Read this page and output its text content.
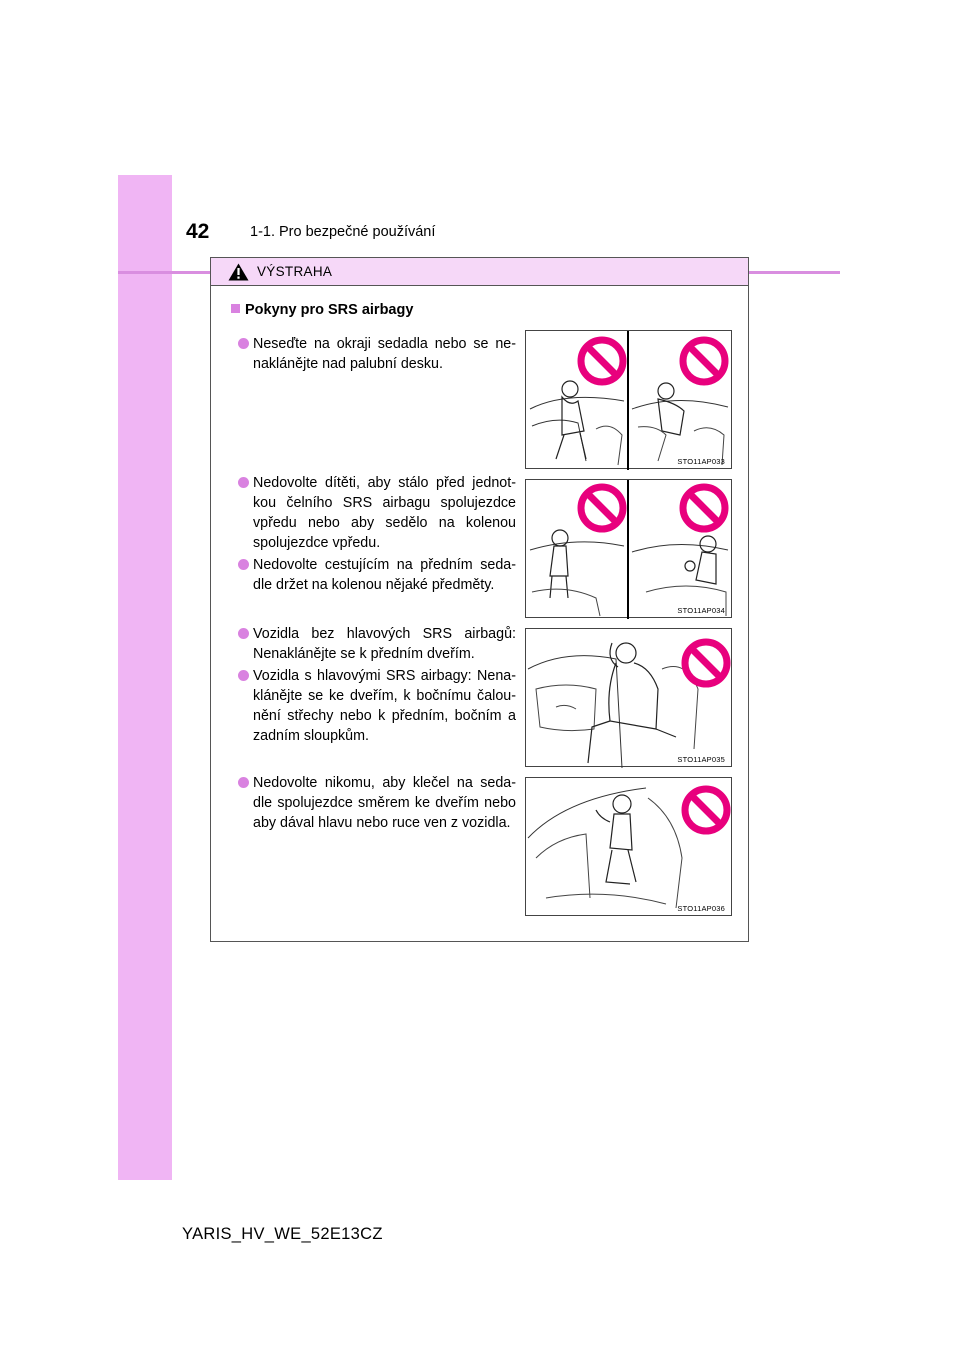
42	1-1. Pro bezpečné používání
VÝSTRAHA
Pokyny pro SRS airbagy
Neseďte na okraji sedadla nebo se ne-naklánějte nad palubní desku.
Nedovolte dítěti, aby stálo před jednot-kou čelního SRS airbagu spolujezdce vpředu nebo aby sedělo na kolenou spolujezdce vpředu.
Nedovolte cestujícím na předním seda-dle držet na kolenou nějaké předměty.
Vozidla bez hlavových SRS airbagů: Nenaklánějte se k předním dveřím.
Vozidla s hlavovými SRS airbagy: Nena-klánějte se ke dveřím, k bočnímu čalou-nění střechy nebo k předním, bočním a zadním sloupkům.
Nedovolte nikomu, aby klečel na seda-dle spolujezdce směrem ke dveřím nebo aby dával hlavu nebo ruce ven z vozidla.
STO11AP033
STO11AP034
STO11AP035
STO11AP036
YARIS_HV_WE_52E13CZ
